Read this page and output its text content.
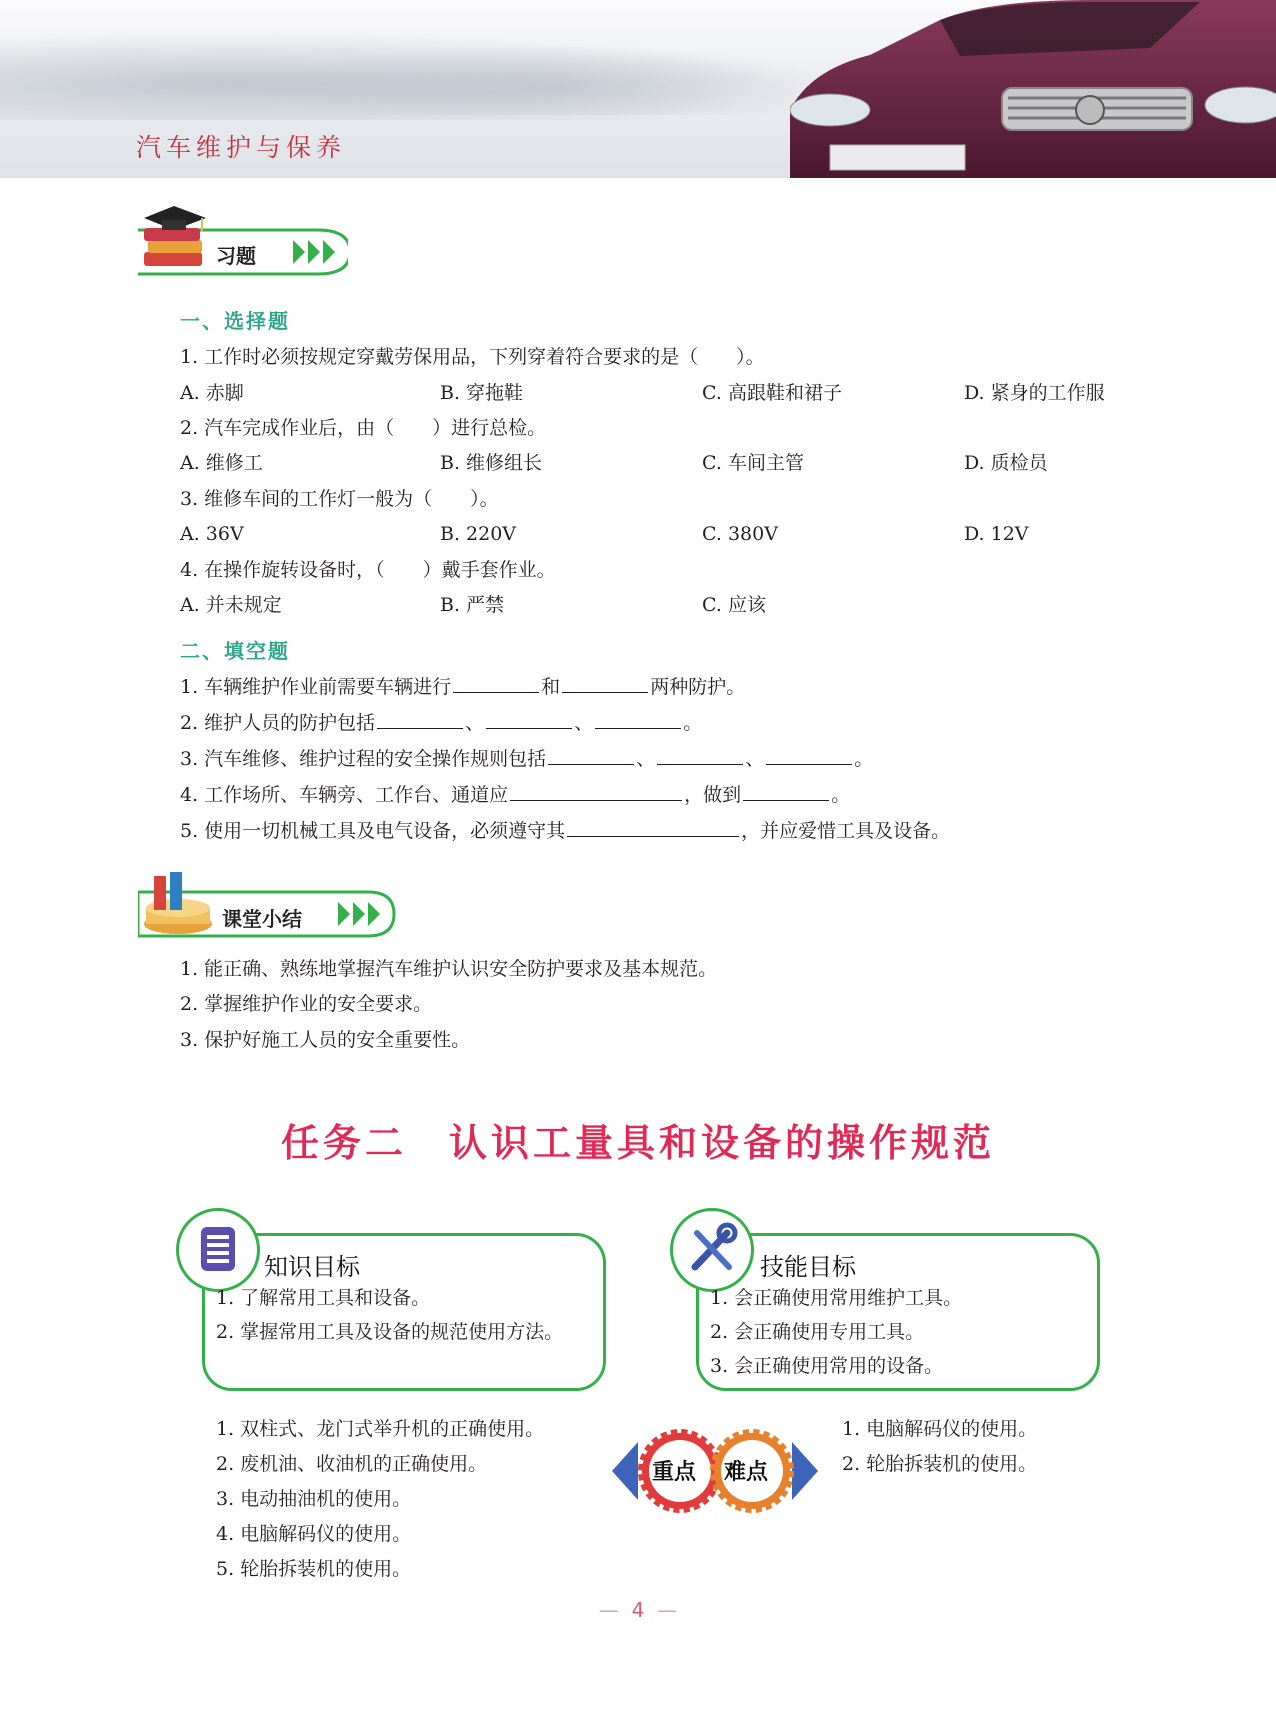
汽车维护与保养
习题
一、选择题
1. 工作时必须按规定穿戴劳保用品，下列穿着符合要求的是（　　）。
A. 赤脚	B. 穿拖鞋	C. 高跟鞋和裙子	D. 紧身的工作服
2. 汽车完成作业后，由（　　）进行总检。
A. 维修工	B. 维修组长	C. 车间主管	D. 质检员
3. 维修车间的工作灯一般为（　　）。
A. 36V	B. 220V	C. 380V	D. 12V
4. 在操作旋转设备时，（　　）戴手套作业。
A. 并未规定	B. 严禁	C. 应该
二、填空题
1. 车辆维护作业前需要车辆进行	和	两种防护。
2. 维护人员的防护包括	、	、	。
3. 汽车维修、维护过程的安全操作规则包括	、	、	。
4. 工作场所、车辆旁、工作台、通道应	，做到	。
5. 使用一切机械工具及电气设备，必须遵守其	，并应爱惜工具及设备。
课堂小结
1. 能正确、熟练地掌握汽车维护认识安全防护要求及基本规范。
2. 掌握维护作业的安全要求。
3. 保护好施工人员的安全重要性。
任务二　认识工量具和设备的操作规范
知识目标
1. 了解常用工具和设备。
2. 掌握常用工具及设备的规范使用方法。
技能目标
1. 会正确使用常用维护工具。
2. 会正确使用专用工具。
3. 会正确使用常用的设备。
1. 双柱式、龙门式举升机的正确使用。
2. 废机油、收油机的正确使用。
3. 电动抽油机的使用。
4. 电脑解码仪的使用。
5. 轮胎拆装机的使用。
重点 难点
1. 电脑解码仪的使用。
2. 轮胎拆装机的使用。
—  4  —
